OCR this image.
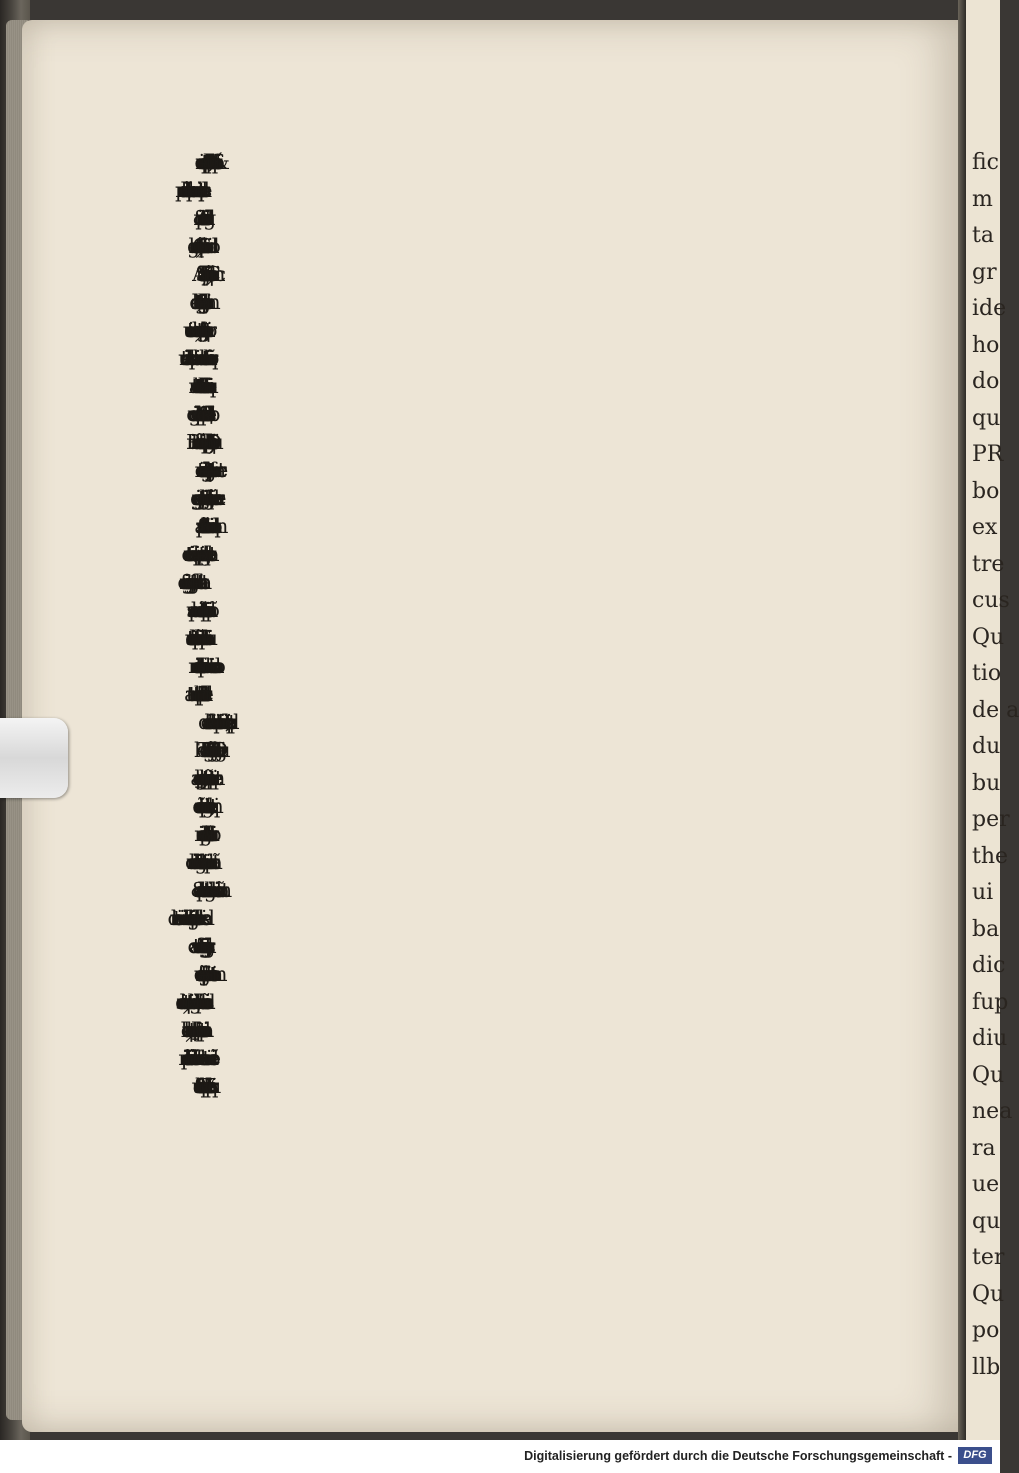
nunq̃ fuit heremita anachaorita:licet talem solitudinem sepenumero
cur deus illud aug.prohibuit.Dici potest ꝙ triplici de cã fuit.Primo
gere & gubernare alios:ut postea diligentius gregem regeret.quẽ sibi
bati fuerunt in congregatione:& aug.nondum erat tantum rigorem
expertus:ne quouis mõ sibi daretur occasio lapsus ex summa dilectõ
ne prohibuit sibi talem strictam solitudinem.Tertiõ ratio quia cum
donum perditum esset:quod utiq; fuisset:si anachaorita fuisset.
TERTIO arguitur sic:aug.fuit canonicus regularis:ergo nõ fuit he
te cõclusionis:quia canonicus regularis non est heremita: neq; est in
dutus cuculla nigra:sed tunica linea:ans̃ probatur sic:idem erat habi
dicti sunt canonici regulares:igitur aug . fuit canonicus regularis: ar
scilicet ꝙ uiuebat secundum regulam aplicam ab omnibus cõceditur
fic
m
ta
gr
ide
ho
do
qu
PR
bo
ex
tre
cus
Qu
tio
de a
du
bu
per
the
ui
ba
dic
fup
diu
Qu
nea
ra
ue
qu
ter
Qu
po
llb
Digitalisierung gefördert durch die Deutsche Forschungsgemeinschaft -	DFG
